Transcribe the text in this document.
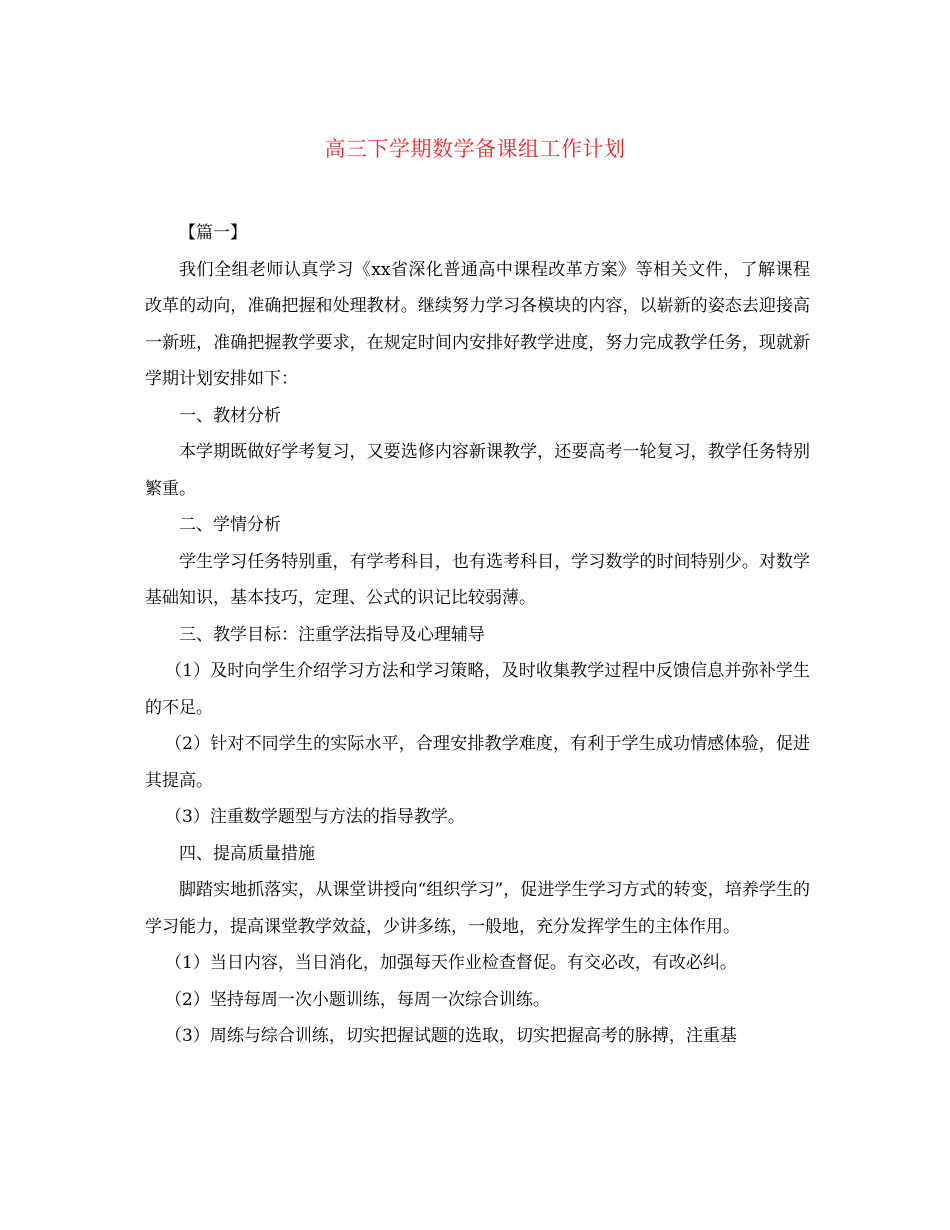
高三下学期数学备课组工作计划

【篇一】

我们全组老师认真学习《xx省深化普通高中课程改革方案》等相关文件，了解课程改革的动向，准确把握和处理教材。继续努力学习各模块的内容，以崭新的姿态去迎接高一新班，准确把握教学要求，在规定时间内安排好教学进度，努力完成教学任务，现就新学期计划安排如下：

一、教材分析

本学期既做好学考复习，又要选修内容新课教学，还要高考一轮复习，教学任务特别繁重。

二、学情分析

学生学习任务特别重，有学考科目，也有选考科目，学习数学的时间特别少。对数学基础知识，基本技巧，定理、公式的识记比较弱薄。

三、教学目标：注重学法指导及心理辅导

（1）及时向学生介绍学习方法和学习策略，及时收集教学过程中反馈信息并弥补学生的不足。

（2）针对不同学生的实际水平，合理安排教学难度，有利于学生成功情感体验，促进其提高。

（3）注重数学题型与方法的指导教学。

四、提高质量措施

脚踏实地抓落实，从课堂讲授向“组织学习”，促进学生学习方式的转变，培养学生的学习能力，提高课堂教学效益，少讲多练，一般地，充分发挥学生的主体作用。

（1）当日内容，当日消化，加强每天作业检查督促。有交必改，有改必纠。

（2）坚持每周一次小题训练，每周一次综合训练。

（3）周练与综合训练，切实把握试题的选取，切实把握高考的脉搏，注重基
